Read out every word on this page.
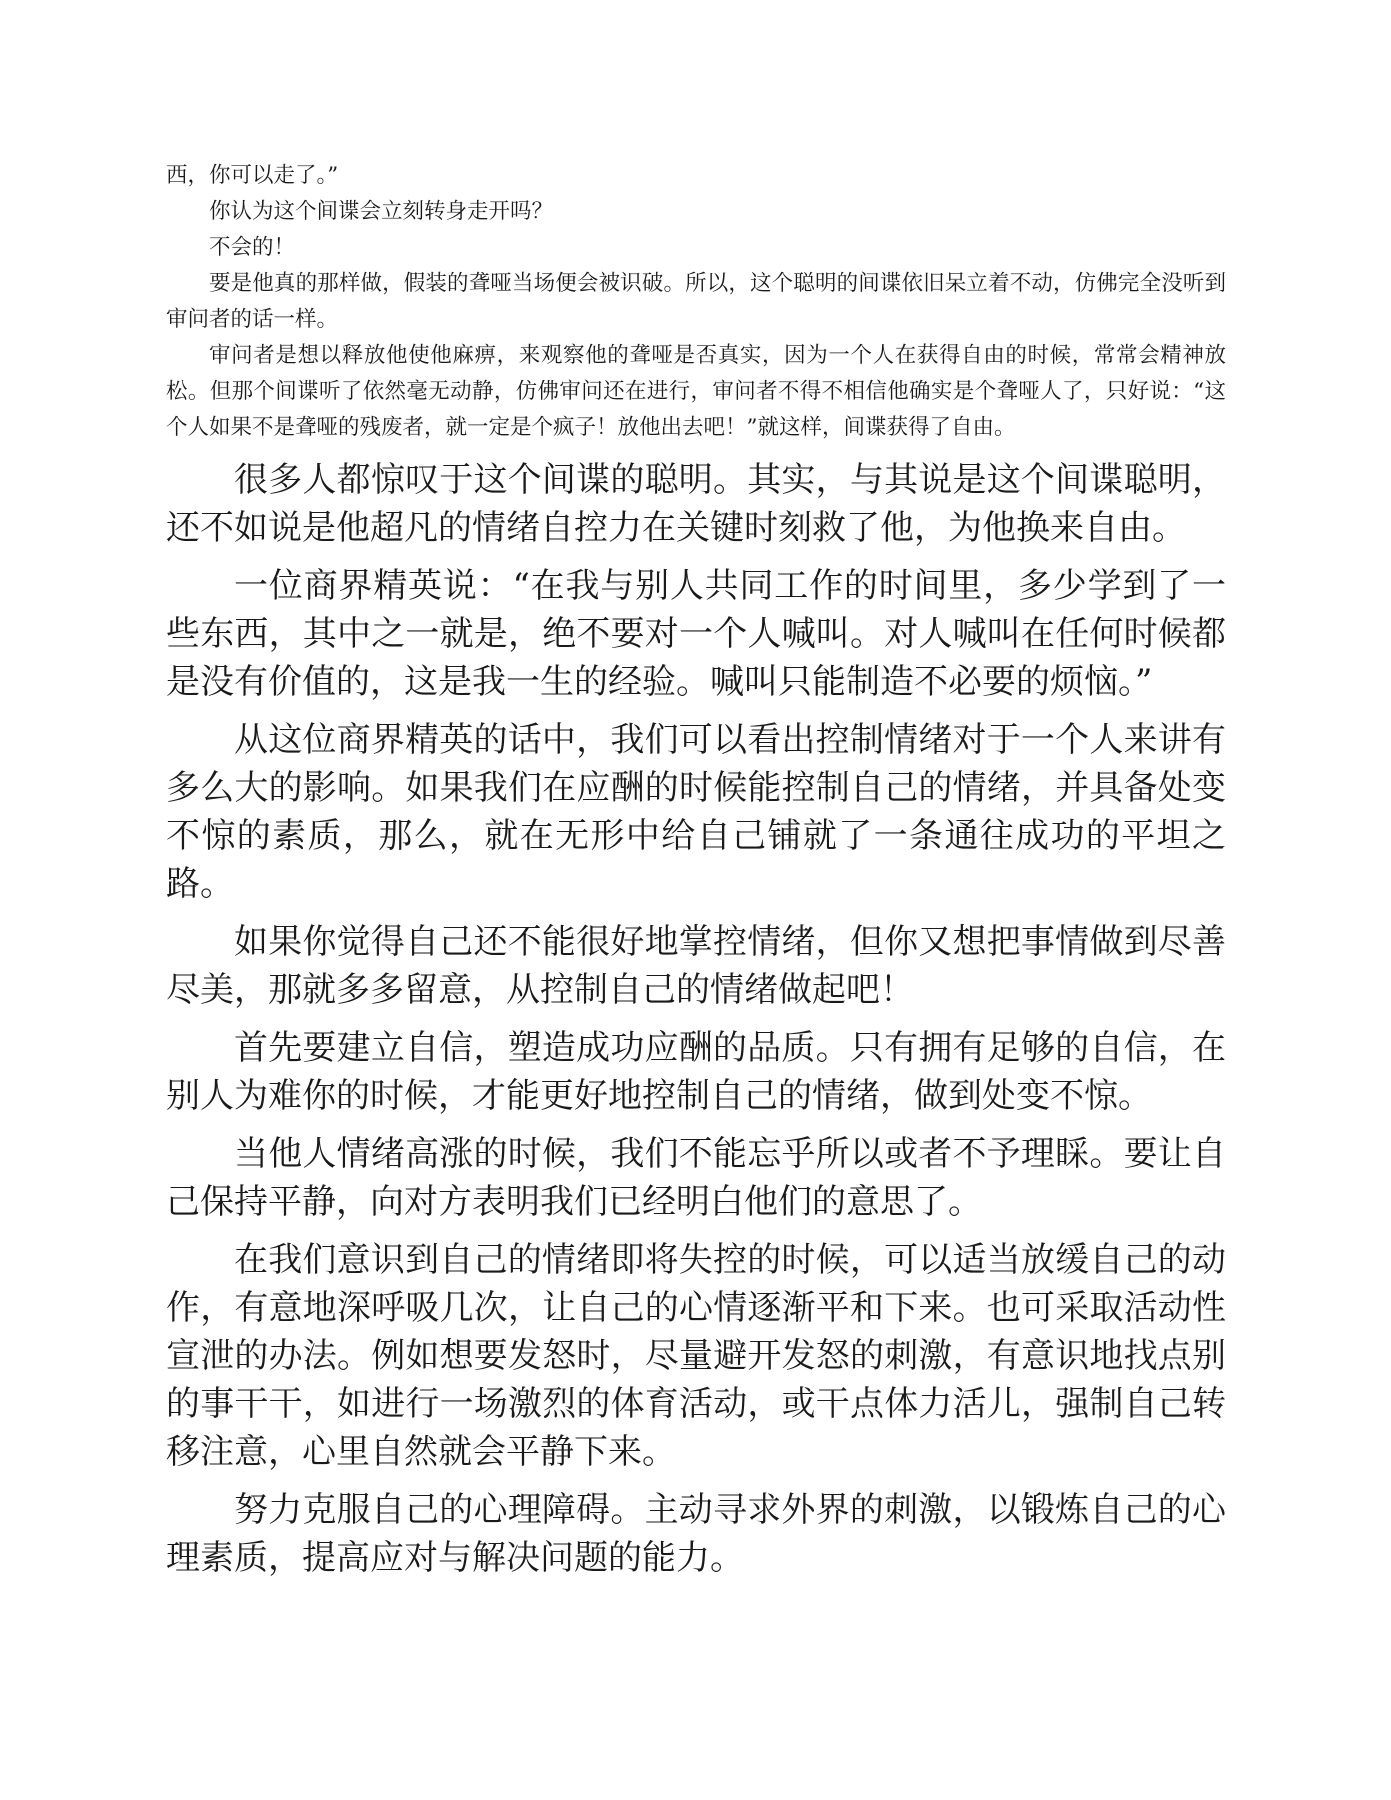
西，你可以走了。”

你认为这个间谍会立刻转身走开吗？

不会的！

要是他真的那样做，假装的聋哑当场便会被识破。所以，这个聪明的间谍依旧呆立着不动，仿佛完全没听到审问者的话一样。

审问者是想以释放他使他麻痹，来观察他的聋哑是否真实，因为一个人在获得自由的时候，常常会精神放松。但那个间谍听了依然毫无动静，仿佛审问还在进行，审问者不得不相信他确实是个聋哑人了，只好说：“这个人如果不是聋哑的残废者，就一定是个疯子！放他出去吧！”就这样，间谍获得了自由。

很多人都惊叹于这个间谍的聪明。其实，与其说是这个间谍聪明，还不如说是他超凡的情绪自控力在关键时刻救了他，为他换来自由。

一位商界精英说：“在我与别人共同工作的时间里，多少学到了一些东西，其中之一就是，绝不要对一个人喊叫。对人喊叫在任何时候都是没有价值的，这是我一生的经验。喊叫只能制造不必要的烦恼。”

从这位商界精英的话中，我们可以看出控制情绪对于一个人来讲有多么大的影响。如果我们在应酬的时候能控制自己的情绪，并具备处变不惊的素质，那么，就在无形中给自己铺就了一条通往成功的平坦之路。

如果你觉得自己还不能很好地掌控情绪，但你又想把事情做到尽善尽美，那就多多留意，从控制自己的情绪做起吧！

首先要建立自信，塑造成功应酬的品质。只有拥有足够的自信，在别人为难你的时候，才能更好地控制自己的情绪，做到处变不惊。

当他人情绪高涨的时候，我们不能忘乎所以或者不予理睬。要让自己保持平静，向对方表明我们已经明白他们的意思了。

在我们意识到自己的情绪即将失控的时候，可以适当放缓自己的动作，有意地深呼吸几次，让自己的心情逐渐平和下来。也可采取活动性宣泄的办法。例如想要发怒时，尽量避开发怒的刺激，有意识地找点别的事干干，如进行一场激烈的体育活动，或干点体力活儿，强制自己转移注意，心里自然就会平静下来。

努力克服自己的心理障碍。主动寻求外界的刺激，以锻炼自己的心理素质，提高应对与解决问题的能力。
